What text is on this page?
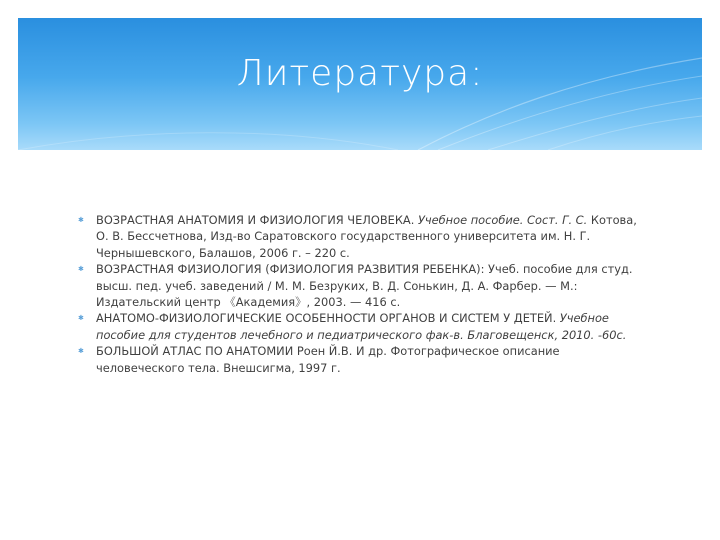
Литература:

✱ ВОЗРАСТНАЯ АНАТОМИЯ И ФИЗИОЛОГИЯ ЧЕЛОВЕКА. Учебное пособие. Сост. Г. С. Котова, О. В. Бессчетнова, Изд-во Саратовского государственного университета им. Н. Г. Чернышевского, Балашов, 2006 г. – 220 с.

✱ ВОЗРАСТНАЯ ФИЗИОЛОГИЯ (ФИЗИОЛОГИЯ РАЗВИТИЯ РЕБЕНКА): Учеб. пособие для студ. высш. пед. учеб. заведений / М. М. Безруких, В. Д. Сонькин, Д. А. Фарбер. — М.: Издательский центр 《Академия》, 2003. — 416 с.

✱ АНАТОМО-ФИЗИОЛОГИЧЕСКИЕ ОСОБЕННОСТИ ОРГАНОВ И СИСТЕМ У ДЕТЕЙ. Учебное пособие для студентов лечебного и педиатрического фак-в. Благовещенск, 2010. -60с.

✱ БОЛЬШОЙ АТЛАС ПО АНАТОМИИ Роен Й.В. И др. Фотографическое описание человеческого тела. Внешсигма, 1997 г.
